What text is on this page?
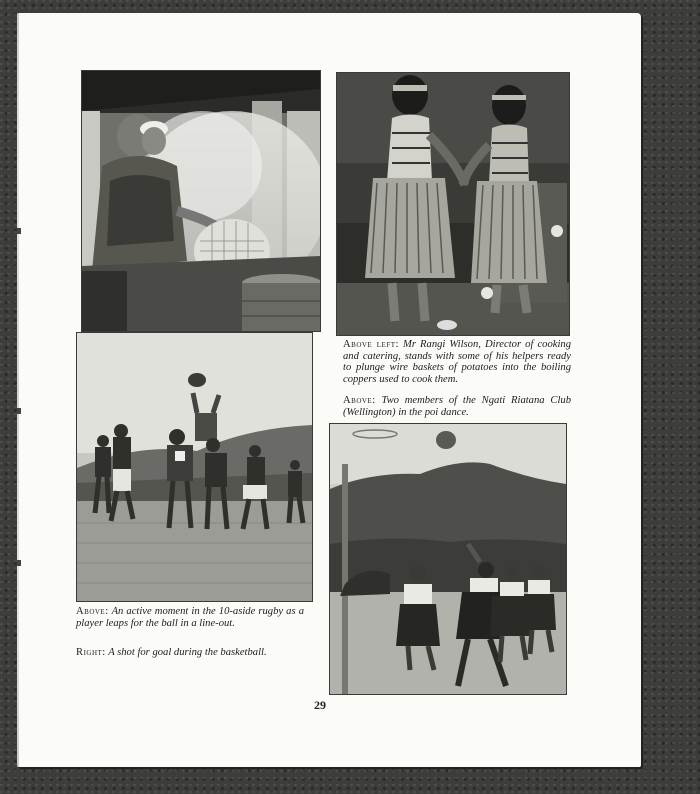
Above left: Mr Rangi Wilson, Director of cooking and catering, stands with some of his helpers ready to plunge wire baskets of potatoes into the boiling coppers used to cook them.
Above: Two members of the Ngati Riatana Club (Wellington) in the poi dance.
Above: An active moment in the 10-aside rugby as a player leaps for the ball in a line-out.
Right: A shot for goal during the basketball.
29
